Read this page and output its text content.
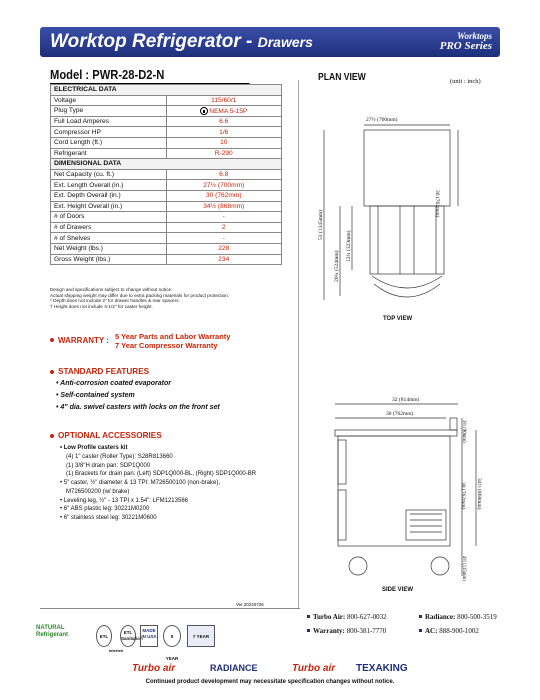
Worktop Refrigerator - Drawers	Worktops
PRO Series
Model : PWR-28-D2-N
ELECTRICAL DATA	
Voltage	115/60/1
Plug Type	NEMA 5-15P
Full Load Amperes	6.6
Compressor HP	1/6
Cord Length (ft.)	10
Refrigerant	R-290
DIMENSIONAL DATA	
Net Capacity (cu. ft.)	6.8
Ext. Length Overall (in.)	27½ (700mm)
Ext. Depth Overall (in.)	30 (762mm)
Ext. Height Overall (in.)	34½ (868mm)
# of Doors	-
# of Drawers	2
# of Shelves	-
Net Weight (lbs.)	228
Gross Weight (lbs.)	234
Design and specifications subject to change without notice.
Actual shipping weight may differ due to extra packing materials for product protection.
* Depth does not include 2" for drawer handles & rear spacers.
† Height does not include 4-1/2" for caster height.
WARRANTY : 5 Year Parts and Labor Warranty
7 Year Compressor Warranty
STANDARD FEATURES
• Anti-corrosion coated evaporator
• Self-contained system
• 4" dia. swivel casters with locks on the front set
OPTIONAL ACCESSORIES
• Low Profile casters kit
(4) 1" caster (Roller Type): S28R813660
(1) 3/8"H drain pan: SDP1Q000
(1) Brackets for drain pan: (Left) SDP1Q000-BL, (Right) SDP1Q000-BR
• 5" caster, ½" diameter & 13 TPI: M726500100 (non-brake),
M726500200 (w/ brake)
• Leveling leg, ½" - 13 TPI x 1.54": LFM1213566
• 6" ABS plastic leg: 30221M0200
• 6" stainless steel leg: 30221M0600
Ver.20240726
PLAN VIEW	(unit : inch)
27½ (700mm)
30 (762mm)
53 (1345mm)
20¾ (524mm)
12¾ (323mm)
TOP VIEW
32 (814mm)
30 (762mm)
3½ (90mm)
30 (762mm) 34½ (868mm)
4½ (115mm)
SIDE VIEW
Turbo Air: 800-627-0032	Radiance: 800-500-3519
Warranty: 800-381-7770	AC: 888-900-1002
NATURAL Refrigerant	ETL
ETL Sanitation
Intertek
MADE IN USA	5 YEAR
7 YEAR
Turbo air	RADIANCE	Turbo air TEXAKING
Continued product development may necessitate specification changes without notice.
